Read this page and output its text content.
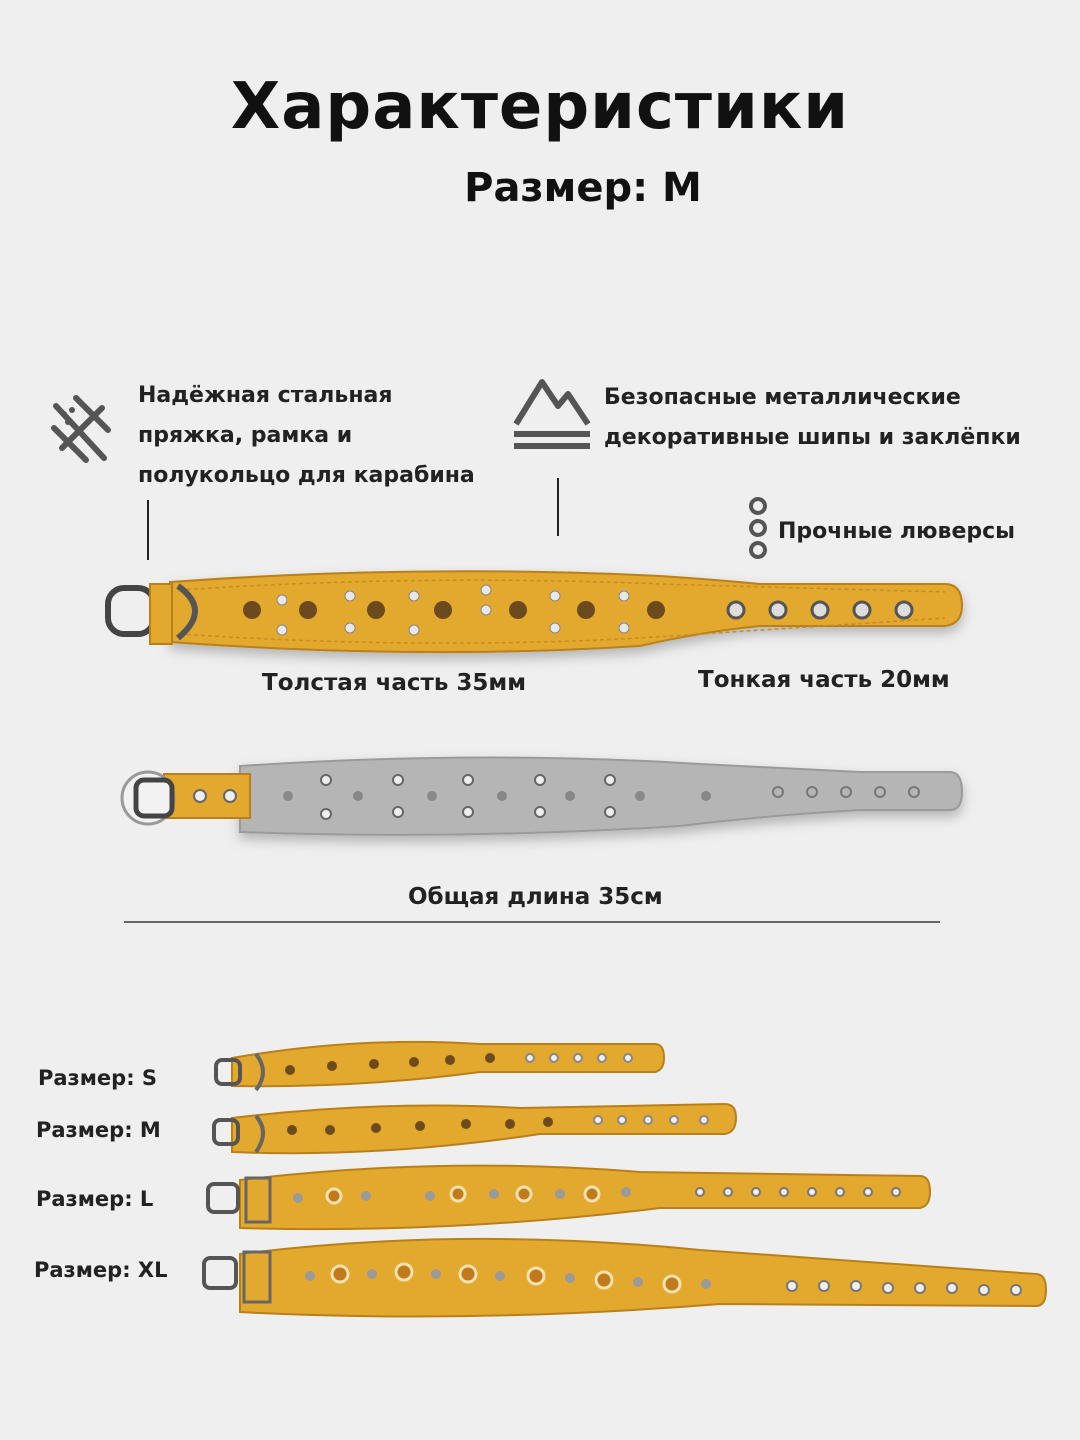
Характеристики
Размер: М
Надёжная стальная
пряжка, рамка и
полукольцо для карабина
Безопасные металлические
декоративные шипы и заклёпки
Прочные люверсы
Толстая часть 35мм	Тонкая часть 20мм
Общая длина 35см
Размер: S
Размер: M
Размер: L
Размер: XL
